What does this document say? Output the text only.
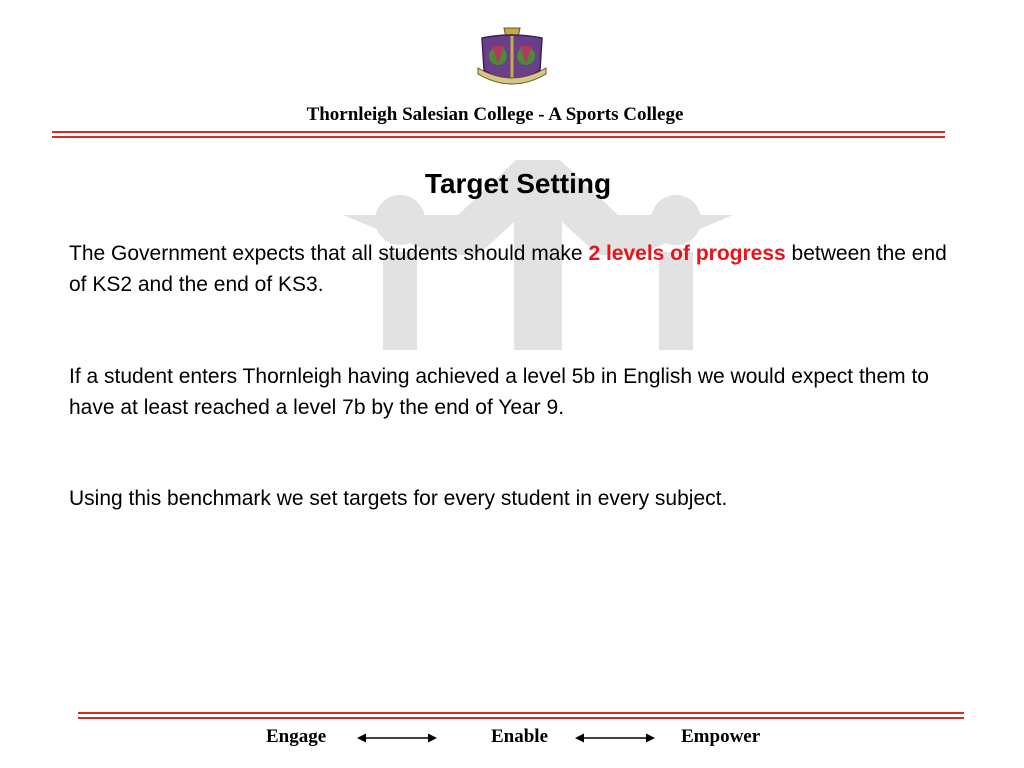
Thornleigh Salesian College - A Sports College
Target Setting
The Government expects that all students should make 2 levels of progress between the end of KS2 and the end of KS3.
If a student enters Thornleigh having achieved a level 5b in English we would expect them to have at least reached a level 7b by the end of Year 9.
Using this benchmark we set targets for every student in every subject.
Engage	Enable	Empower
